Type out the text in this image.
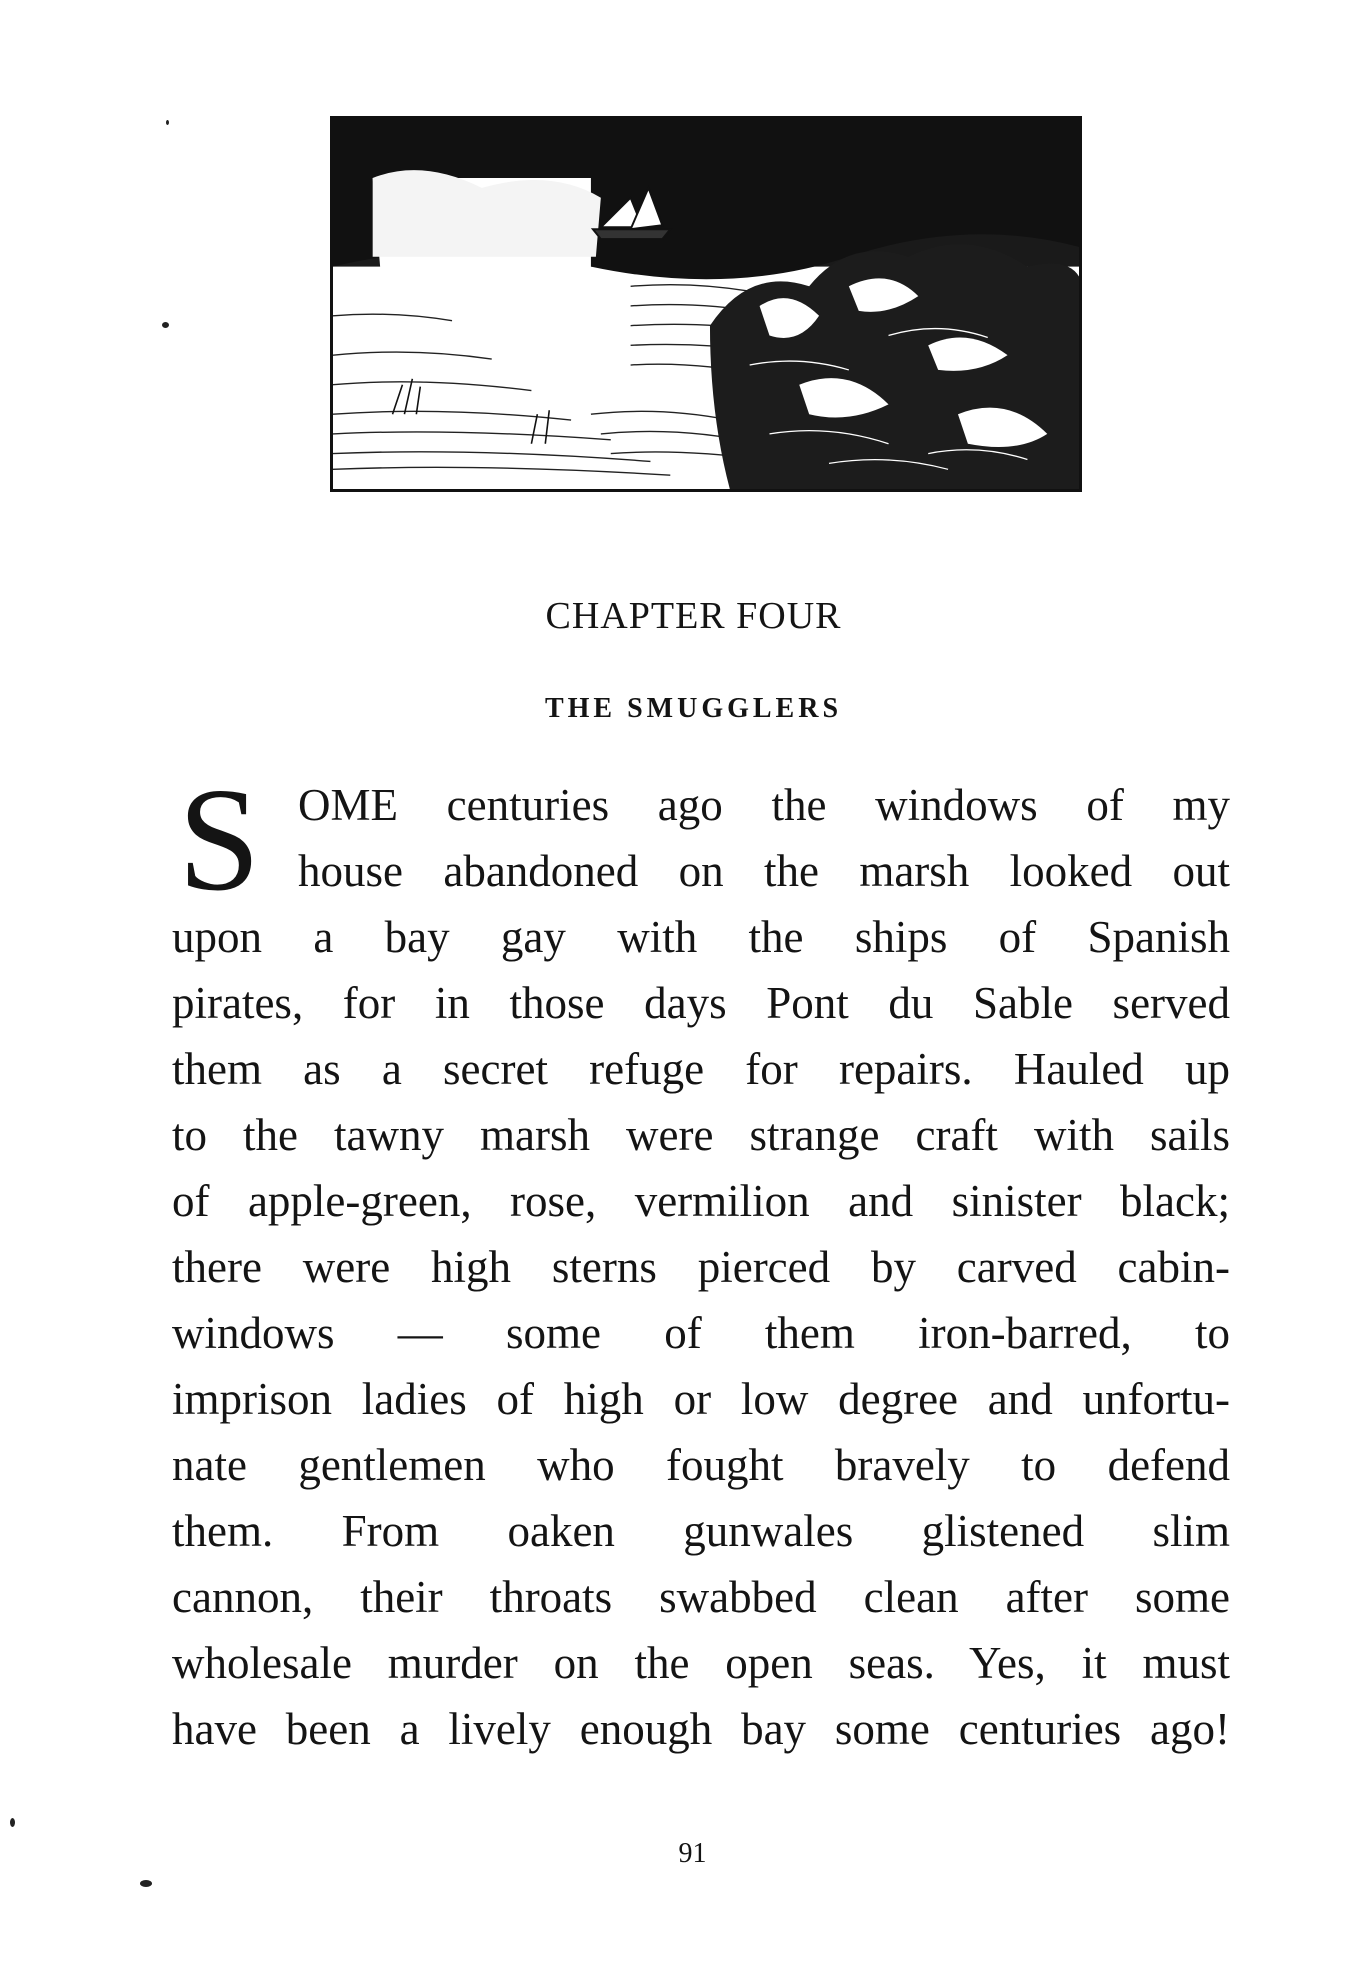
CHAPTER FOUR
THE SMUGGLERS
S OME centuries ago the windows of my
house abandoned on the marsh looked out
upon a bay gay with the ships of Spanish
pirates, for in those days Pont du Sable served
them as a secret refuge for repairs. Hauled up
to the tawny marsh were strange craft with sails
of apple-green, rose, vermilion and sinister black;
there were high sterns pierced by carved cabin-
windows — some of them iron-barred, to
imprison ladies of high or low degree and unfortu-
nate gentlemen who fought bravely to defend
them. From oaken gunwales glistened slim
cannon, their throats swabbed clean after some
wholesale murder on the open seas. Yes, it must
have been a lively enough bay some centuries ago!
91
